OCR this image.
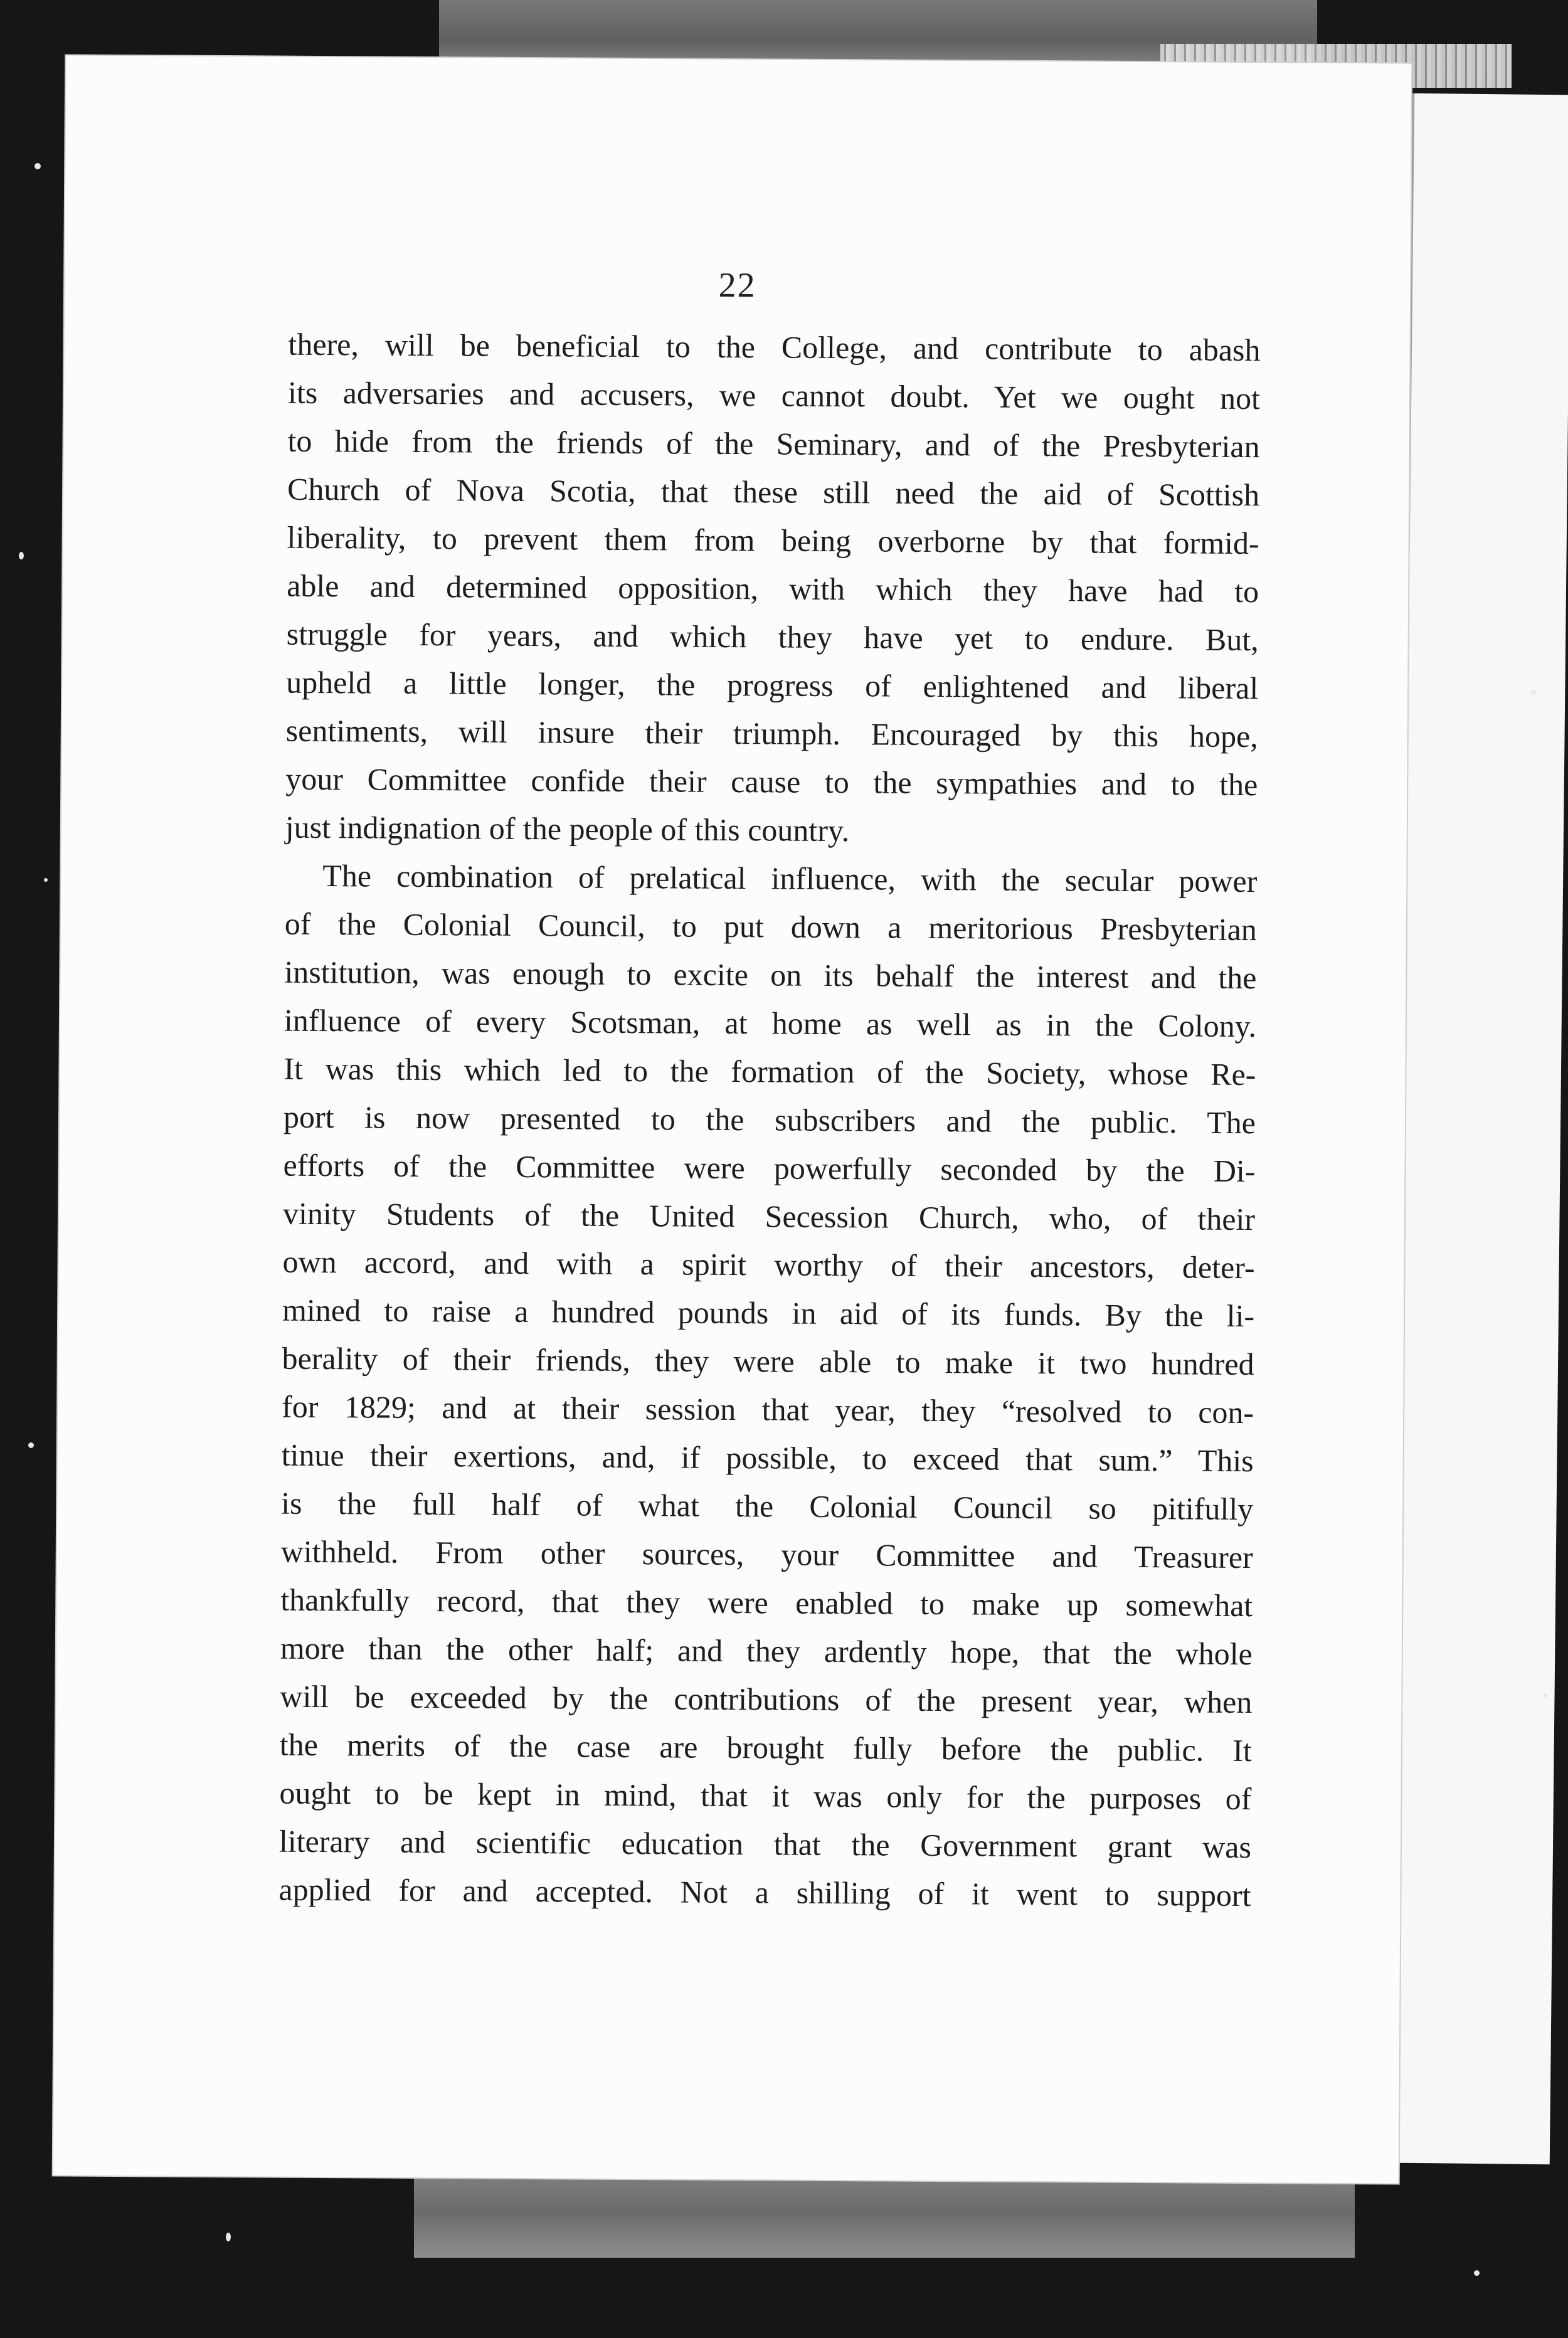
22

there, will be beneficial to the College, and contribute to abash
its adversaries and accusers, we cannot doubt. Yet we ought not
to hide from the friends of the Seminary, and of the Presbyterian
Church of Nova Scotia, that these still need the aid of Scottish
liberality, to prevent them from being overborne by that formid-
able and determined opposition, with which they have had to
struggle for years, and which they have yet to endure. But,
upheld a little longer, the progress of enlightened and liberal
sentiments, will insure their triumph. Encouraged by this hope,
your Committee confide their cause to the sympathies and to the
just indignation of the people of this country.

The combination of prelatical influence, with the secular power
of the Colonial Council, to put down a meritorious Presbyterian
institution, was enough to excite on its behalf the interest and the
influence of every Scotsman, at home as well as in the Colony.
It was this which led to the formation of the Society, whose Re-
port is now presented to the subscribers and the public. The
efforts of the Committee were powerfully seconded by the Di-
vinity Students of the United Secession Church, who, of their
own accord, and with a spirit worthy of their ancestors, deter-
mined to raise a hundred pounds in aid of its funds. By the li-
berality of their friends, they were able to make it two hundred
for 1829; and at their session that year, they “resolved to con-
tinue their exertions, and, if possible, to exceed that sum.” This
is the full half of what the Colonial Council so pitifully
withheld. From other sources, your Committee and Treasurer
thankfully record, that they were enabled to make up somewhat
more than the other half; and they ardently hope, that the whole
will be exceeded by the contributions of the present year, when
the merits of the case are brought fully before the public. It
ought to be kept in mind, that it was only for the purposes of
literary and scientific education that the Government grant was
applied for and accepted. Not a shilling of it went to support
